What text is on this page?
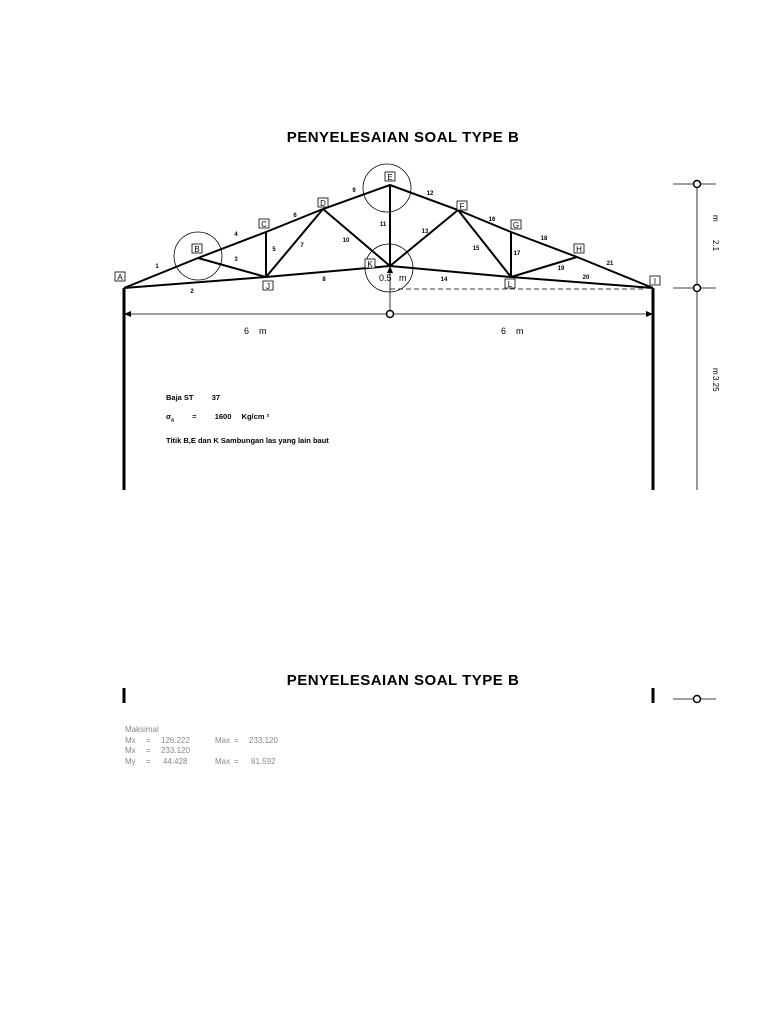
PENYELESAIAN SOAL TYPE B
A
B
C
D
E
F
G
H
I
J
K
L
1
2
3
4
5
6
7
8
9
10
11
12
13
14
15
16
17
18
19
20
21
6    m	6    m
0.5   m
m
2.1
m
3.25
Baja ST 37
$\sigma_a = 1600$ Kg/cm ²
Titik B,E dan K Sambungan las yang lain baut
PENYELESAIAN SOAL TYPE B
Maksimal
Mx = 126.222	Max = 233.120
Mx = 233.120
My = 44.428	Max = 81.592
